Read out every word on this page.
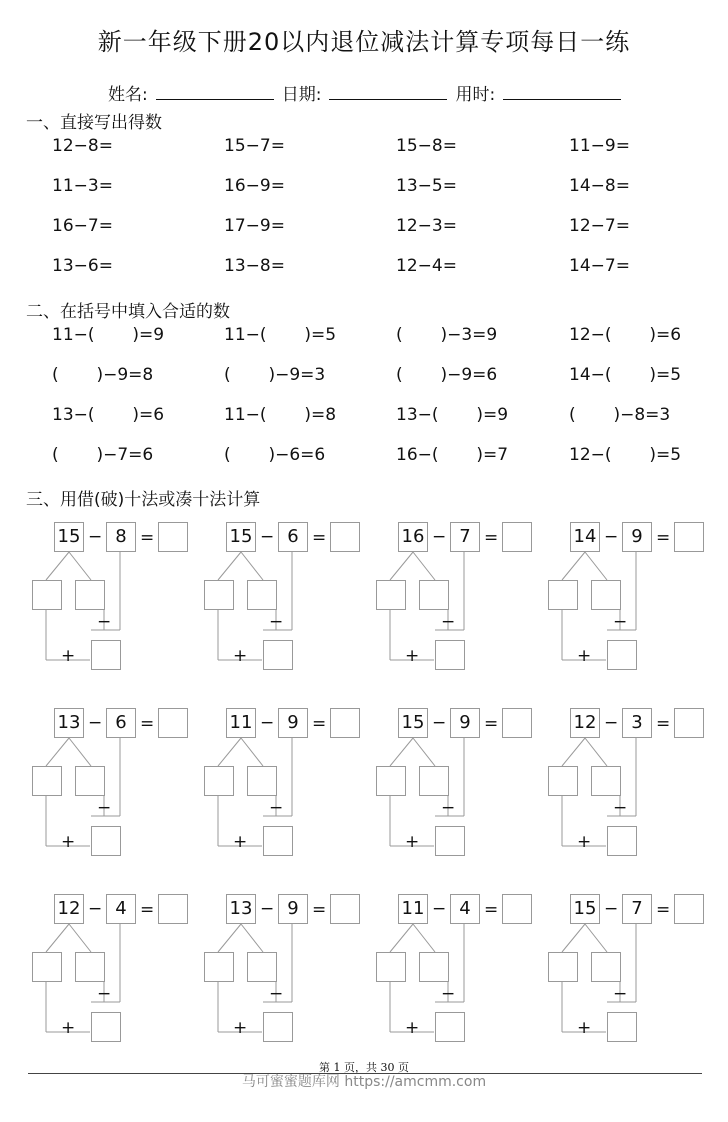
新一年级下册20以内退位减法计算专项每日一练
姓名:	日期:	用时:
一、直接写出得数
12−8=	15−7=	15−8=	11−9=
11−3=	16−9=	13−5=	14−8=
16−7=	17−9=	12−3=	12−7=
13−6=	13−8=	12−4=	14−7=
二、在括号中填入合适的数
11−(       )=9	11−(       )=5	(       )−3=9	12−(       )=6
(       )−9=8	(       )−9=3	(       )−9=6	14−(       )=5
13−(       )=6	11−(       )=8	13−(       )=9	(       )−8=3
(       )−7=6	(       )−6=6	16−(       )=7	12−(       )=5
三、用借(破)十法或凑十法计算
15 − 8 =
−
+
15 − 6 =
−
+
16 − 7 =
−
+
14 − 9 =
−
+
13 − 6 =
−
+
11 − 9 =
−
+
15 − 9 =
−
+
12 − 3 =
−
+
12 − 4 =
−
+
13 − 9 =
−
+
11 − 4 =
−
+
15 − 7 =
−
+
第 1 页，共 30 页
马可蜜蜜题库网 https://amcmm.com
